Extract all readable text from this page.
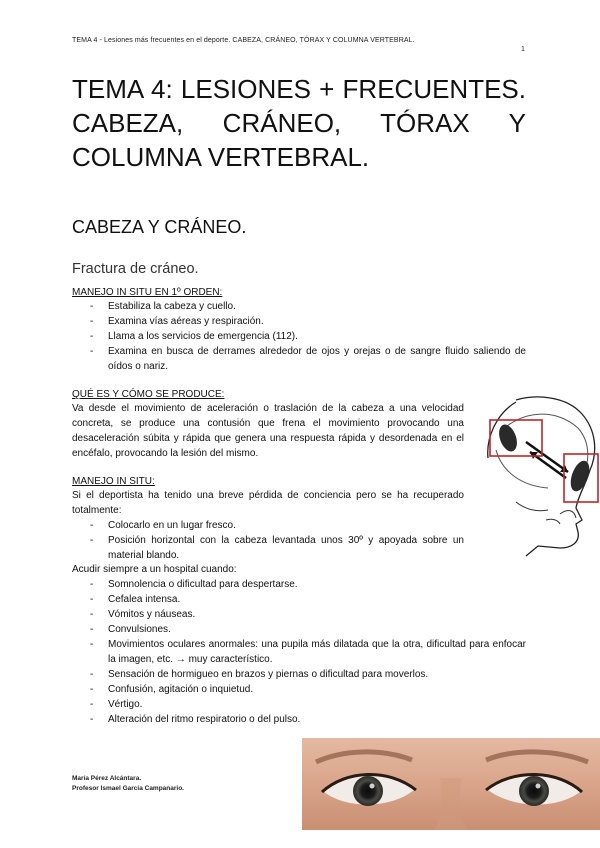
TEMA 4 - Lesiones más frecuentes en el deporte. CABEZA, CRÁNEO, TÓRAX Y COLUMNA VERTEBRAL.
1
TEMA 4: LESIONES + FRECUENTES. CABEZA, CRÁNEO, TÓRAX Y COLUMNA VERTEBRAL.
CABEZA Y CRÁNEO.
Fractura de cráneo.
MANEJO IN SITU EN 1º ORDEN:
- Estabiliza la cabeza y cuello.
- Examina vías aéreas y respiración.
- Llama a los servicios de emergencia (112).
- Examina en busca de derrames alrededor de ojos y orejas o de sangre fluido saliendo de oídos o nariz.
QUÉ ES Y CÓMO SE PRODUCE:

Va desde el movimiento de aceleración o traslación de la cabeza a una velocidad concreta, se produce una contusión que frena el movimiento provocando una desaceleración súbita y rápida que genera una respuesta rápida y desordenada en el encéfalo, provocando la lesión del mismo.

MANEJO IN SITU:

Si el deportista ha tenido una breve pérdida de conciencia pero se ha recuperado totalmente:

- Colocarlo en un lugar fresco.
- Posición horizontal con la cabeza levantada unos 30º y apoyada sobre un material blando.

Acudir siempre a un hospital cuando:

- Somnolencia o dificultad para despertarse.
- Cefalea intensa.
- Vómitos y náuseas.
- Convulsiones.
- Movimientos oculares anormales: una pupila más dilatada que la otra, dificultad para enfocar la imagen, etc. → muy característico.
- Sensación de hormigueo en brazos y piernas o dificultad para moverlos.
- Confusión, agitación o inquietud.
- Vértigo.
- Alteración del ritmo respiratorio o del pulso.
María Pérez Alcántara.
Profesor Ismael García Campanario.
